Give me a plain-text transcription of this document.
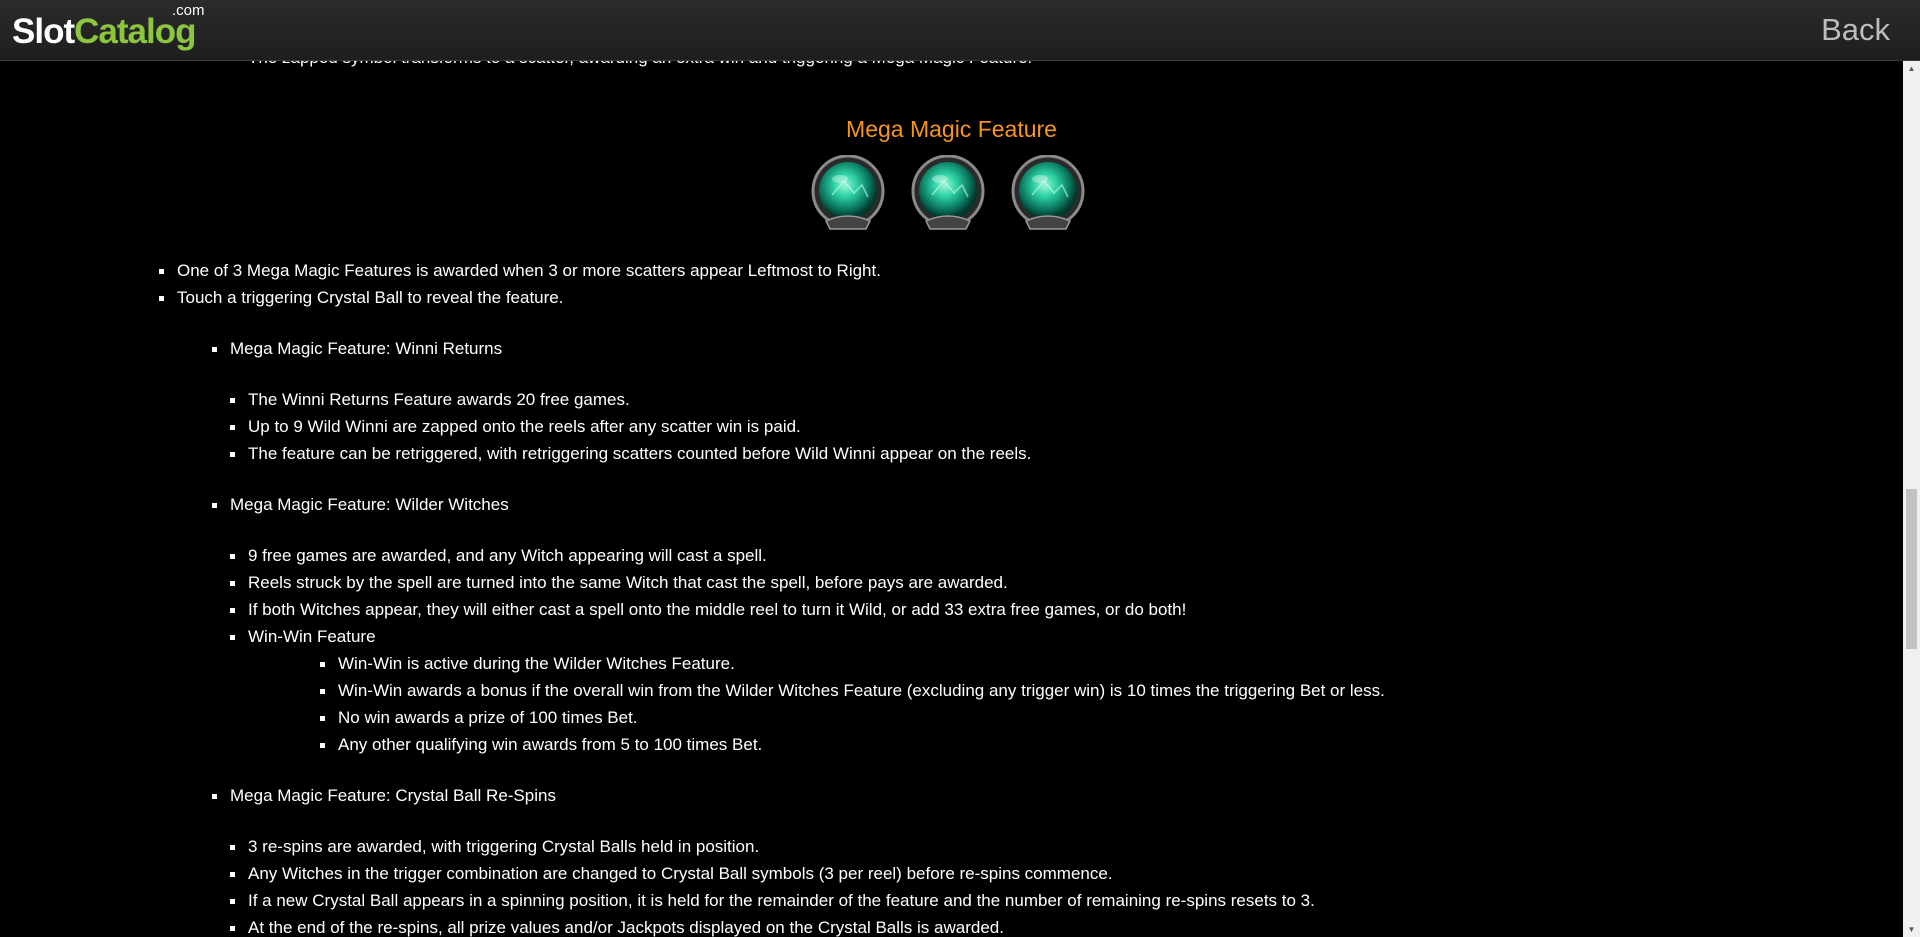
Mega Magic Feature
One of 3 Mega Magic Features is awarded when 3 or more scatters appear Leftmost to Right.
Touch a triggering Crystal Ball to reveal the feature.
Mega Magic Feature: Winni Returns
The Winni Returns Feature awards 20 free games.
Up to 9 Wild Winni are zapped onto the reels after any scatter win is paid.
The feature can be retriggered, with retriggering scatters counted before Wild Winni appear on the reels.
Mega Magic Feature: Wilder Witches
9 free games are awarded, and any Witch appearing will cast a spell.
Reels struck by the spell are turned into the same Witch that cast the spell, before pays are awarded.
If both Witches appear, they will either cast a spell onto the middle reel to turn it Wild, or add 33 extra free games, or do both!
Win-Win Feature
Win-Win is active during the Wilder Witches Feature.
Win-Win awards a bonus if the overall win from the Wilder Witches Feature (excluding any trigger win) is 10 times the triggering Bet or less.
No win awards a prize of 100 times Bet.
Any other qualifying win awards from 5 to 100 times Bet.
Mega Magic Feature: Crystal Ball Re-Spins
3 re-spins are awarded, with triggering Crystal Balls held in position.
Any Witches in the trigger combination are changed to Crystal Ball symbols (3 per reel) before re-spins commence.
If a new Crystal Ball appears in a spinning position, it is held for the remainder of the feature and the number of remaining re-spins resets to 3.
At the end of the re-spins, all prize values and/or Jackpots displayed on the Crystal Balls is awarded.
SlotCatalog
.com
Back
▲
▼
